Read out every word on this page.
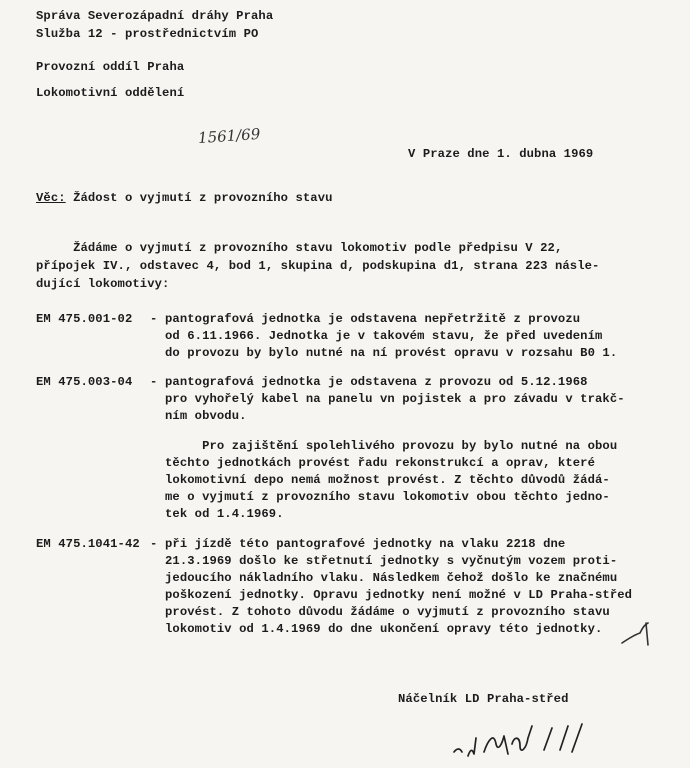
Správa Severozápadní dráhy Praha
Služba 12 - prostřednictvím PO
Provozní oddíl Praha
Lokomotivní oddělení
1561/69
V Praze dne 1. dubna 1969
Věc: Žádost o vyjmutí z provozního stavu
Žádáme o vyjmutí z provozního stavu lokomotiv podle předpisu V 22,
přípojek IV., odstavec 4, bod 1, skupina d, podskupina d1, strana 223 násle-
dující lokomotivy:
EM 475.001-02 - pantografová jednotka je odstavena nepřetržitě z provozu
od 6.11.1966. Jednotka je v takovém stavu, že před uvedením
do provozu by bylo nutné na ní provést opravu v rozsahu B0 1.
EM 475.003-04 - pantografová jednotka je odstavena z provozu od 5.12.1968
pro vyhořelý kabel na panelu vn pojistek a pro závadu v trakč-
ním obvodu.
Pro zajištění spolehlivého provozu by bylo nutné na obou
těchto jednotkách provést řadu rekonstrukcí a oprav, které
lokomotivní depo nemá možnost provést. Z těchto důvodů žádá-
me o vyjmutí z provozního stavu lokomotiv obou těchto jedno-
tek od 1.4.1969.
EM 475.1041-42 - při jízdě této pantografové jednotky na vlaku 2218 dne
21.3.1969 došlo ke střetnutí jednotky s vyčnutým vozem proti-
jedoucího nákladního vlaku. Následkem čehož došlo ke značnému
poškození jednotky. Opravu jednotky není možné v LD Praha-střed
provést. Z tohoto důvodu žádáme o vyjmutí z provozního stavu
lokomotiv od 1.4.1969 do dne ukončení opravy této jednotky.
Náčelník LD Praha-střed
